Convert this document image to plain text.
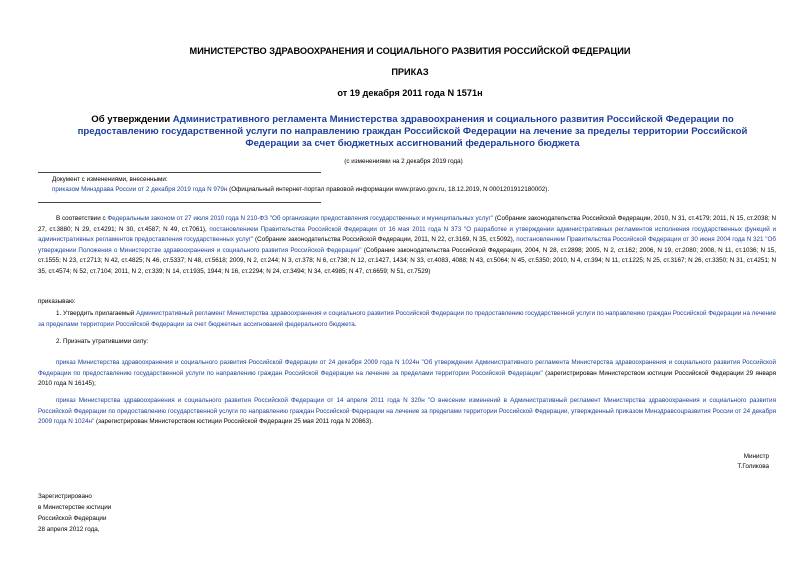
МИНИСТЕРСТВО ЗДРАВООХРАНЕНИЯ И СОЦИАЛЬНОГО РАЗВИТИЯ РОССИЙСКОЙ ФЕДЕРАЦИИ
ПРИКАЗ
от 19 декабря 2011 года N 1571н
Об утверждении Административного регламента Министерства здравоохранения и социального развития Российской Федерации по предоставлению государственной услуги по направлению граждан Российской Федерации на лечение за пределы территории Российской Федерации за счет бюджетных ассигнований федерального бюджета
(с изменениями на 2 декабря 2019 года)
Документ с изменениями, внесенными:
приказом Минздрава России от 2 декабря 2019 года N 979н (Официальный интернет-портал правовой информации www.pravo.gov.ru, 18.12.2019, N 0001201912180002).
В соответствии с Федеральным законом от 27 июля 2010 года N 210-ФЗ "Об организации предоставления государственных и муниципальных услуг" (Собрание законодательства Российской Федерации, 2010, N 31, ст.4179; 2011, N 15, ст.2038; N 27, ст.3880; N 29, ст.4291; N 30, ст.4587; N 49, ст.7061), постановлением Правительства Российской Федерации от 16 мая 2011 года N 373 "О разработке и утверждении административных регламентов исполнения государственных функций и административных регламентов предоставления государственных услуг" (Собрание законодательства Российской Федерации, 2011, N 22, ст.3169, N 35, ст.5092), постановлением Правительства Российской Федерации от 30 июня 2004 года N 321 "Об утверждении Положения о Министерстве здравоохранения и социального развития Российской Федерации" (Собрание законодательства Российской Федерации, 2004, N 28, ст.2898; 2005, N 2, ст.162; 2006, N 19, ст.2080; 2008, N 11, ст.1036; N 15, ст.1555; N 23, ст.2713; N 42, ст.4825; N 46, ст.5337; N 48, ст.5618; 2009, N 2, ст.244; N 3, ст.378; N 6, ст.738; N 12, ст.1427, 1434; N 33, ст.4083, 4088; N 43, ст.5064; N 45, ст.5350; 2010, N 4, ст.394; N 11, ст.1225; N 25, ст.3167; N 26, ст.3350; N 31, ст.4251; N 35, ст.4574; N 52, ст.7104; 2011, N 2, ст.339; N 14, ст.1935, 1944; N 16, ст.2294; N 24, ст.3494; N 34, ст.4985; N 47, ст.6659; N 51, ст.7529)
приказываю:
1. Утвердить прилагаемый Административный регламент Министерства здравоохранения и социального развития Российской Федерации по предоставлению государственной услуги по направлению граждан Российской Федерации на лечение за пределами территории Российской Федерации за счет бюджетных ассигнований федерального бюджета.
2. Признать утратившими силу:
приказ Министерства здравоохранения и социального развития Российской Федерации от 24 декабря 2009 года N 1024н "Об утверждении Административного регламента Министерства здравоохранения и социального развития Российской Федерации по предоставлению государственной услуги по направлению граждан Российской Федерации на лечение за пределами территории Российской Федерации" (зарегистрирован Министерством юстиции Российской Федерации 29 января 2010 года N 16145);
приказ Министерства здравоохранения и социального развития Российской Федерации от 14 апреля 2011 года N 320н "О внесении изменений в Административный регламент Министерства здравоохранения и социального развития Российской Федерации по предоставлению государственной услуги по направлению граждан Российской Федерации на лечение за пределами территории Российской Федерации, утвержденный приказом Минздравсоцразвития России от 24 декабря 2009 года N 1024н" (зарегистрирован Министерством юстиции Российской Федерации 25 мая 2011 года N 20863).
Министр
Т.Голикова
Зарегистрировано
в Министерстве юстиции
Российской Федерации
28 апреля 2012 года,
